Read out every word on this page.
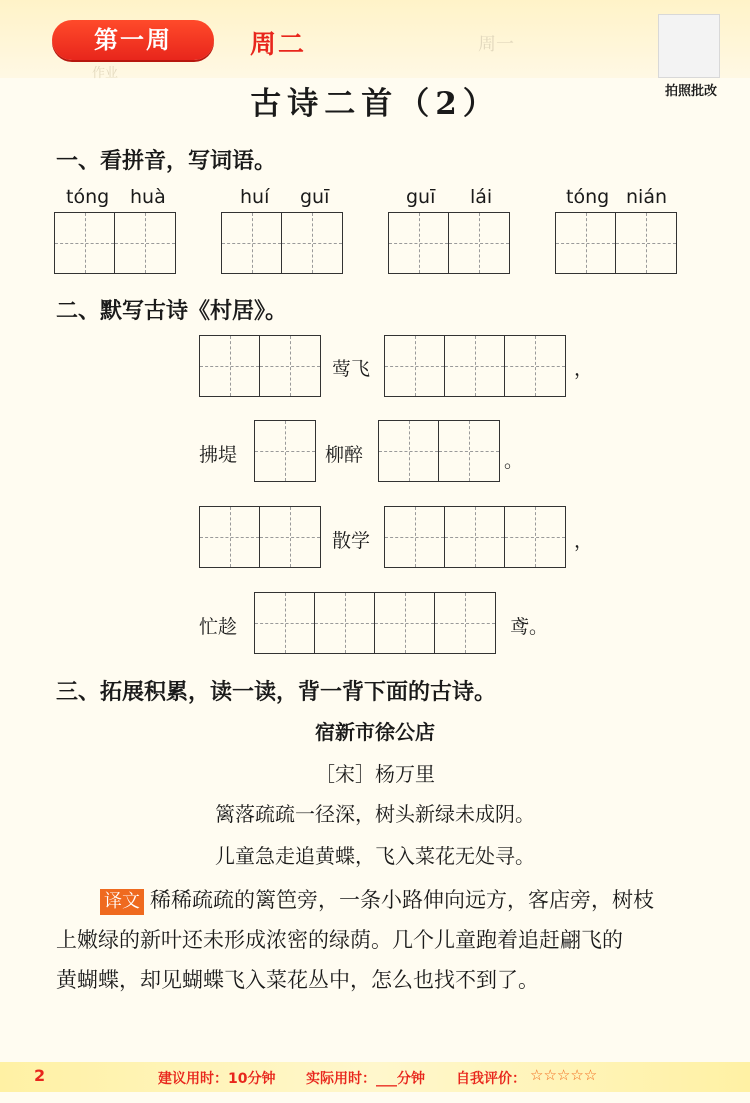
第一周	周二
作业
周一
拍照批改
古诗二首（2）
一、看拼音，写词语。
tóng huà	huí guī	guī lái	tóng nián
二、默写古诗《村居》。
莺飞	，
拂堤	柳醉	。
散学	，
忙趁	鸢。
三、拓展积累，读一读，背一背下面的古诗。
宿新市徐公店
［宋］杨万里
篱落疏疏一径深，树头新绿未成阴。
儿童急走追黄蝶，飞入菜花无处寻。
译文 稀稀疏疏的篱笆旁，一条小路伸向远方，客店旁，树枝
上嫩绿的新叶还未形成浓密的绿荫。几个儿童跑着追赶翩飞的
黄蝴蝶，却见蝴蝶飞入菜花丛中，怎么也找不到了。
2	建议用时：10分钟 实际用时：___分钟 自我评价： ☆☆☆☆☆
